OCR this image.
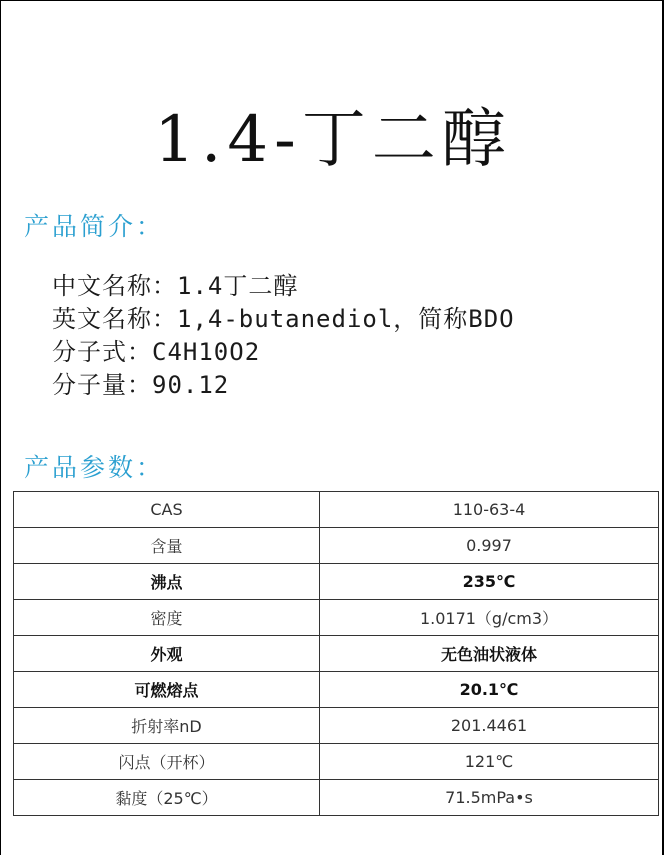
1.4-丁二醇
产品简介：
中文名称：1.4丁二醇
英文名称：1,4-butanediol，简称BDO
分子式：C4H10O2
分子量：90.12
产品参数：
CAS	110-63-4
含量	0.997
沸点	235℃
密度	1.0171（g/cm3）
外观	无色油状液体
可燃熔点	20.1℃
折射率nD	201.4461
闪点（开杯）	121℃
黏度（25℃）	71.5mPa•s
